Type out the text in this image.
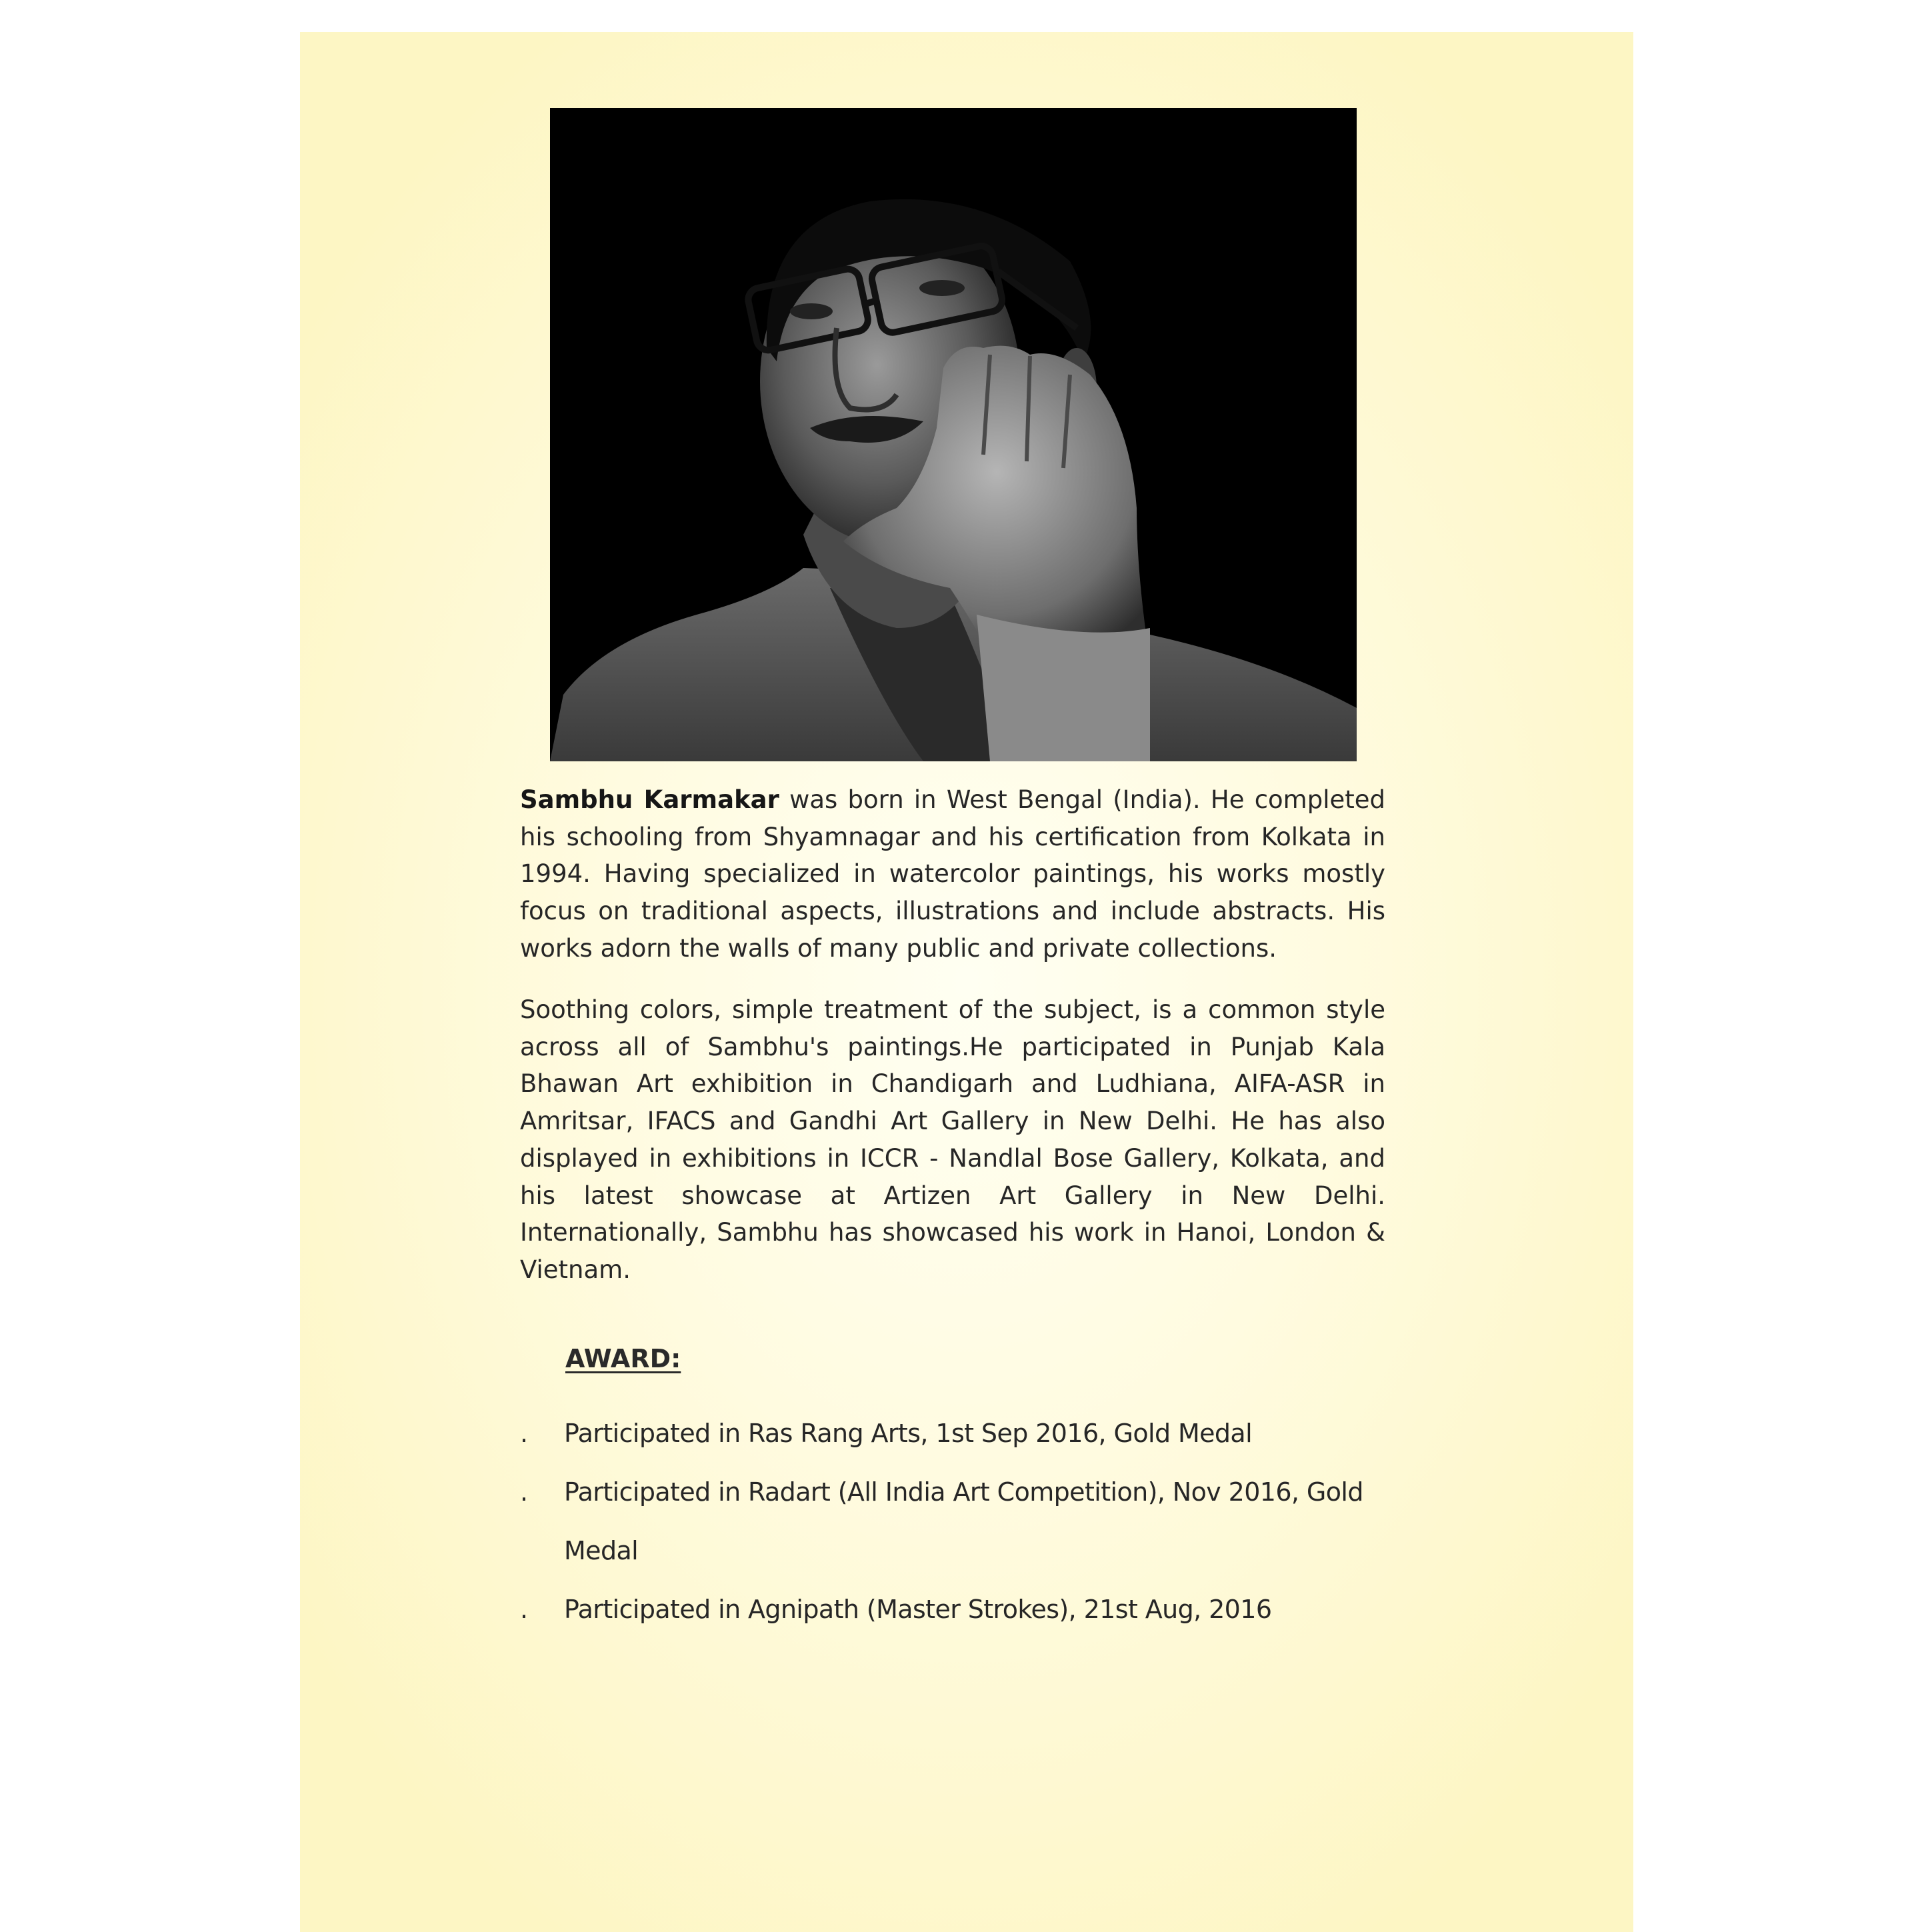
Sambhu Karmakar was born in West Bengal (India). He completed his schooling from Shyamnagar and his certification from Kolkata in 1994. Having specialized in watercolor paintings, his works mostly focus on traditional aspects, illustrations and include abstracts. His works adorn the walls of many public and private collections.

Soothing colors, simple treatment of the subject, is a common style across all of Sambhu's paintings.He participated in Punjab Kala Bhawan Art exhibition in Chandigarh and Ludhiana, AIFA-ASR in Amritsar, IFACS and Gandhi Art Gallery in New Delhi. He has also displayed in exhibitions in ICCR - Nandlal Bose Gallery, Kolkata, and his latest showcase at Artizen Art Gallery in New Delhi. Internationally, Sambhu has showcased his work in Hanoi, London & Vietnam.

AWARD:

. Participated in Ras Rang Arts, 1st Sep 2016, Gold Medal
. Participated in Radart (All India Art Competition), Nov 2016, Gold Medal
. Participated in Agnipath (Master Strokes), 21st Aug, 2016
